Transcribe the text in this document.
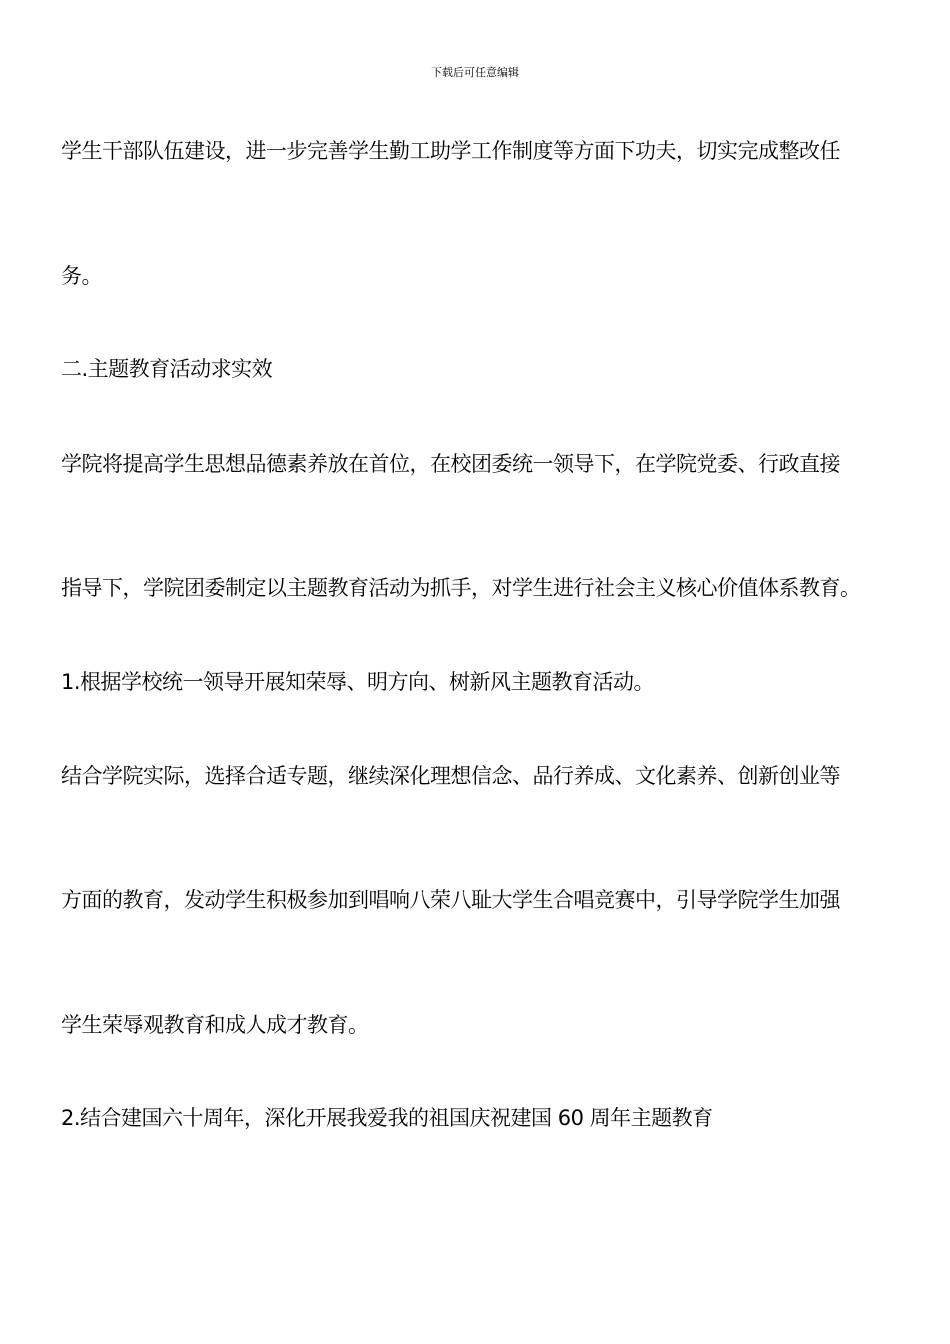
下载后可任意编辑
学生干部队伍建设，进一步完善学生勤工助学工作制度等方面下功夫，切实完成整改任
务。
二.主题教育活动求实效
学院将提高学生思想品德素养放在首位，在校团委统一领导下，在学院党委、行政直接
指导下，学院团委制定以主题教育活动为抓手，对学生进行社会主义核心价值体系教育。
1.根据学校统一领导开展知荣辱、明方向、树新风主题教育活动。
结合学院实际，选择合适专题，继续深化理想信念、品行养成、文化素养、创新创业等
方面的教育，发动学生积极参加到唱响八荣八耻大学生合唱竞赛中，引导学院学生加强
学生荣辱观教育和成人成才教育。
2.结合建国六十周年，深化开展我爱我的祖国庆祝建国 60 周年主题教育
